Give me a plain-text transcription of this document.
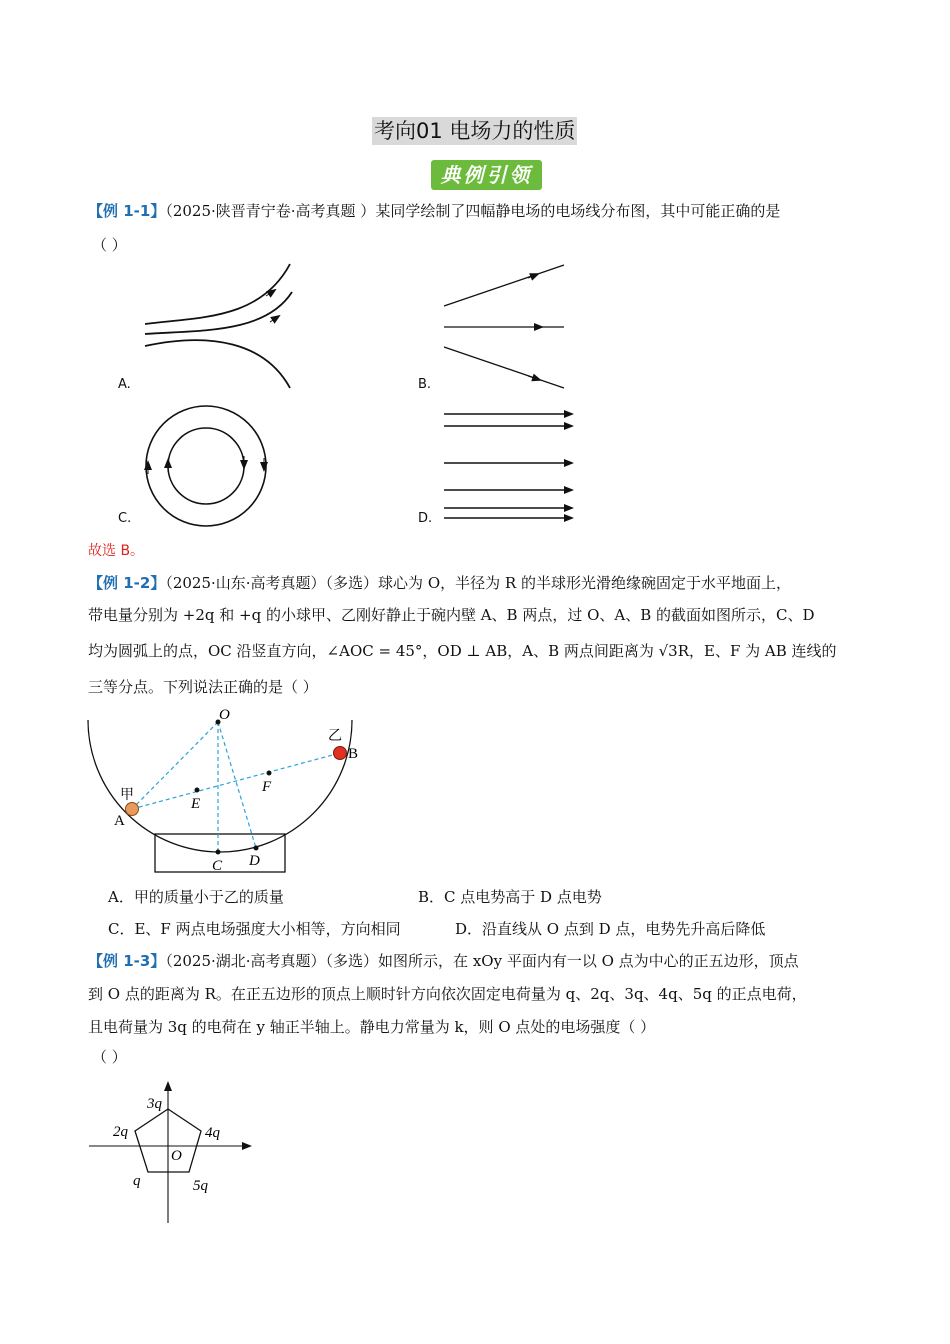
考向01 电场力的性质
典例引领
【例 1-1】（2025·陕晋青宁卷·高考真题 ）某同学绘制了四幅静电场的电场线分布图，其中可能正确的是
（ ）
A.	B.
C.	D.
故选 B。
【例 1-2】（2025·山东·高考真题）（多选）球心为 O，半径为 R 的半球形光滑绝缘碗固定于水平地面上，
带电量分别为 +2q 和 +q 的小球甲、乙刚好静止于碗内壁 A、B 两点，过 O、A、B 的截面如图所示，C、D
均为圆弧上的点，OC 沿竖直方向，∠AOC = 45°，OD ⊥ AB，A、B 两点间距离为 √3R，E、F 为 AB 连线的
三等分点。下列说法正确的是（ ）
O
E
F
C D
A
B
甲
乙
A．甲的质量小于乙的质量	B．C 点电势高于 D 点电势
C．E、F 两点电场强度大小相等，方向相同	D．沿直线从 O 点到 D 点，电势先升高后降低
【例 1-3】（2025·湖北·高考真题）（多选）如图所示，在 xOy 平面内有一以 O 点为中心的正五边形，顶点
到 O 点的距离为 R。在正五边形的顶点上顺时针方向依次固定电荷量为 q、2q、3q、4q、5q 的正点电荷，
且电荷量为 3q 的电荷在 y 轴正半轴上。静电力常量为 k，则 O 点处的电场强度（ ）
（ ）
3q
2q	4q
q	5q
O
